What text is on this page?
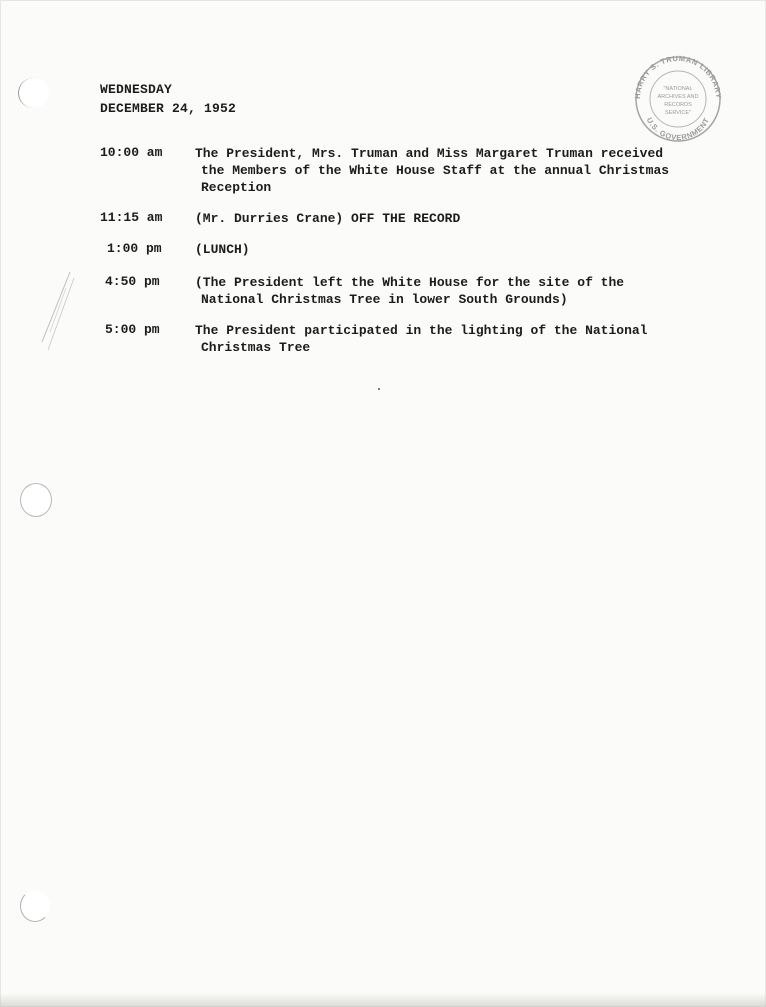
WEDNESDAY
DECEMBER 24, 1952
10:00 am	The President, Mrs. Truman and Miss Margaret Truman received
the Members of the White House Staff at the annual Christmas
Reception
11:15 am	(Mr. Durries Crane) OFF THE RECORD
1:00 pm	(LUNCH)
4:50 pm	(The President left the White House for the site of the
National Christmas Tree in lower South Grounds)
5:00 pm	The President participated in the lighting of the National
Christmas Tree
HARRY S. TRUMAN LIBRARY
U.S. GOVERNMENT
"NATIONAL
ARCHIVES AND
RECORDS
SERVICE"
